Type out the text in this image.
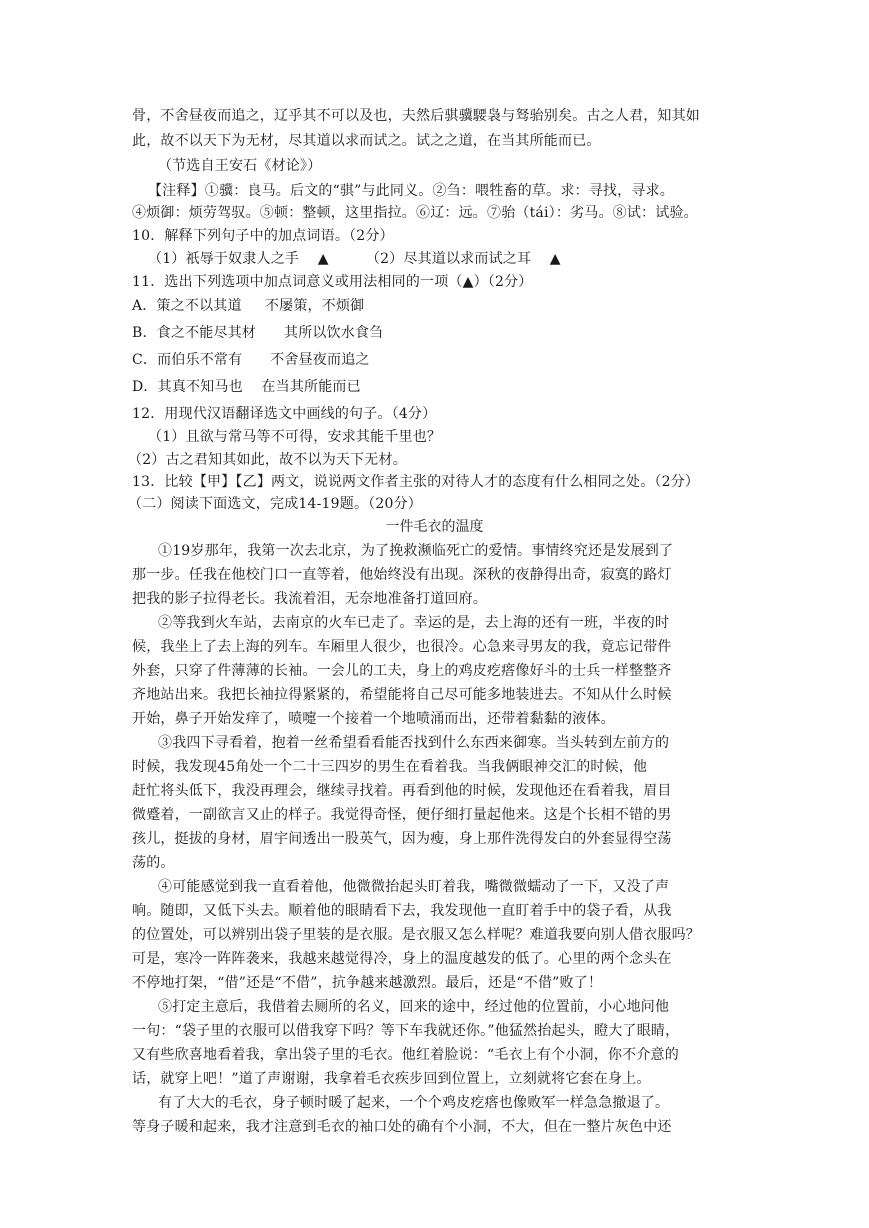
骨，不舍昼夜而追之，辽乎其不可以及也，夫然后骐骥騕袅与驽骀别矣。古之人君，知其如
此，故不以天下为无材，尽其道以求而试之。试之之道，在当其所能而已。
（节选自王安石《材论》）
【注释】①骥：良马。后文的“骐”与此同义。②刍：喂牲畜的草。求：寻找，寻求。
④烦御：烦劳驾驭。⑤顿：整顿，这里指拉。⑥辽：远。⑦骀（tái）：劣马。⑧试：试验。
10．解释下列句子中的加点词语。（2分）
（1）祇辱于奴隶人之手    ▲        （2）尽其道以求而试之耳    ▲
11．选出下列选项中加点词意义或用法相同的一项（▲）（2分）
A．策之不以其道     不屡策，不烦御
B．食之不能尽其材      其所以饮水食刍
C．而伯乐不常有      不舍昼夜而追之
D．其真不知马也    在当其所能而已
12．用现代汉语翻译选文中画线的句子。（4分）
（1）且欲与常马等不可得，安求其能千里也？
（2）古之君知其如此，故不以为天下无材。
13．比较【甲】【乙】两文，说说两文作者主张的对待人才的态度有什么相同之处。（2分）
（二）阅读下面选文，完成14-19题。（20分）
一件毛衣的温度
①19岁那年，我第一次去北京，为了挽救濒临死亡的爱情。事情终究还是发展到了
那一步。任我在他校门口一直等着，他始终没有出现。深秋的夜静得出奇，寂寞的路灯
把我的影子拉得老长。我流着泪，无奈地准备打道回府。
②等我到火车站，去南京的火车已走了。幸运的是，去上海的还有一班，半夜的时
候，我坐上了去上海的列车。车厢里人很少，也很冷。心急来寻男友的我，竟忘记带件
外套，只穿了件薄薄的长袖。一会儿的工夫，身上的鸡皮疙瘩像好斗的士兵一样整整齐
齐地站出来。我把长袖拉得紧紧的，希望能将自己尽可能多地装进去。不知从什么时候
开始，鼻子开始发痒了，喷嚏一个接着一个地喷涌而出，还带着黏黏的液体。
③我四下寻看着，抱着一丝希望看看能否找到什么东西来御寒。当头转到左前方的
时候，我发现45角处一个二十三四岁的男生在看着我。当我俩眼神交汇的时候，他
赶忙将头低下，我没再理会，继续寻找着。再看到他的时候，发现他还在看着我，眉目
微蹙着，一副欲言又止的样子。我觉得奇怪，便仔细打量起他来。这是个长相不错的男
孩儿，挺拔的身材，眉宇间透出一股英气，因为瘦，身上那件洗得发白的外套显得空荡
荡的。
④可能感觉到我一直看着他，他微微抬起头盯着我，嘴微微蠕动了一下，又没了声
响。随即，又低下头去。顺着他的眼睛看下去，我发现他一直盯着手中的袋子看，从我
的位置处，可以辨别出袋子里装的是衣服。是衣服又怎么样呢？难道我要向别人借衣服吗？
可是，寒冷一阵阵袭来，我越来越觉得冷，身上的温度越发的低了。心里的两个念头在
不停地打架，“借”还是“不借”，抗争越来越激烈。最后，还是“不借”败了！
⑤打定主意后，我借着去厕所的名义，回来的途中，经过他的位置前，小心地问他
一句：“袋子里的衣服可以借我穿下吗？等下车我就还你。”他猛然抬起头，瞪大了眼睛，
又有些欣喜地看着我，拿出袋子里的毛衣。他红着脸说：“毛衣上有个小洞，你不介意的
话，就穿上吧！”道了声谢谢，我拿着毛衣疾步回到位置上，立刻就将它套在身上。
有了大大的毛衣，身子顿时暖了起来，一个个鸡皮疙瘩也像败军一样急急撤退了。
等身子暖和起来，我才注意到毛衣的袖口处的确有个小洞，不大，但在一整片灰色中还
